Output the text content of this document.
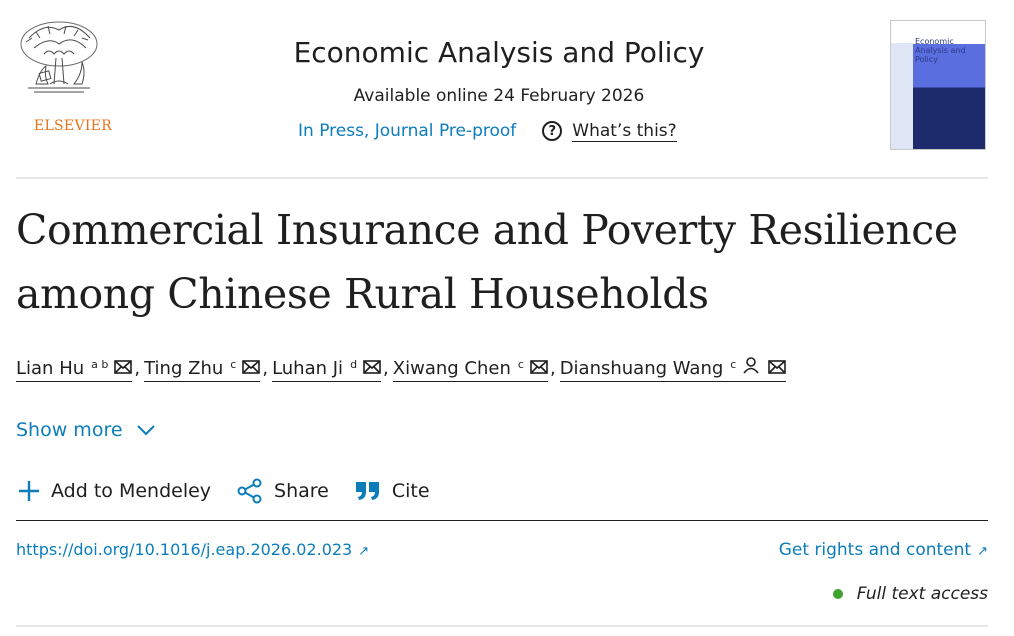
ELSEVIER
Economic Analysis and Policy
Available online 24 February 2026
In Press, Journal Pre-proof	? What’s this?
Economic Analysis and Policy
Commercial Insurance and Poverty Resilience among Chinese Rural Households
Lian Hu $^{a b}$ , Ting Zhu $^c$ , Luhan Ji $^d$ , Xiwang Chen $^c$ , Dianshuang Wang $^c$
Show more
Add to Mendeley	Share	Cite
https://doi.org/10.1016/j.eap.2026.02.023 ↗	Get rights and content ↗
Full text access
